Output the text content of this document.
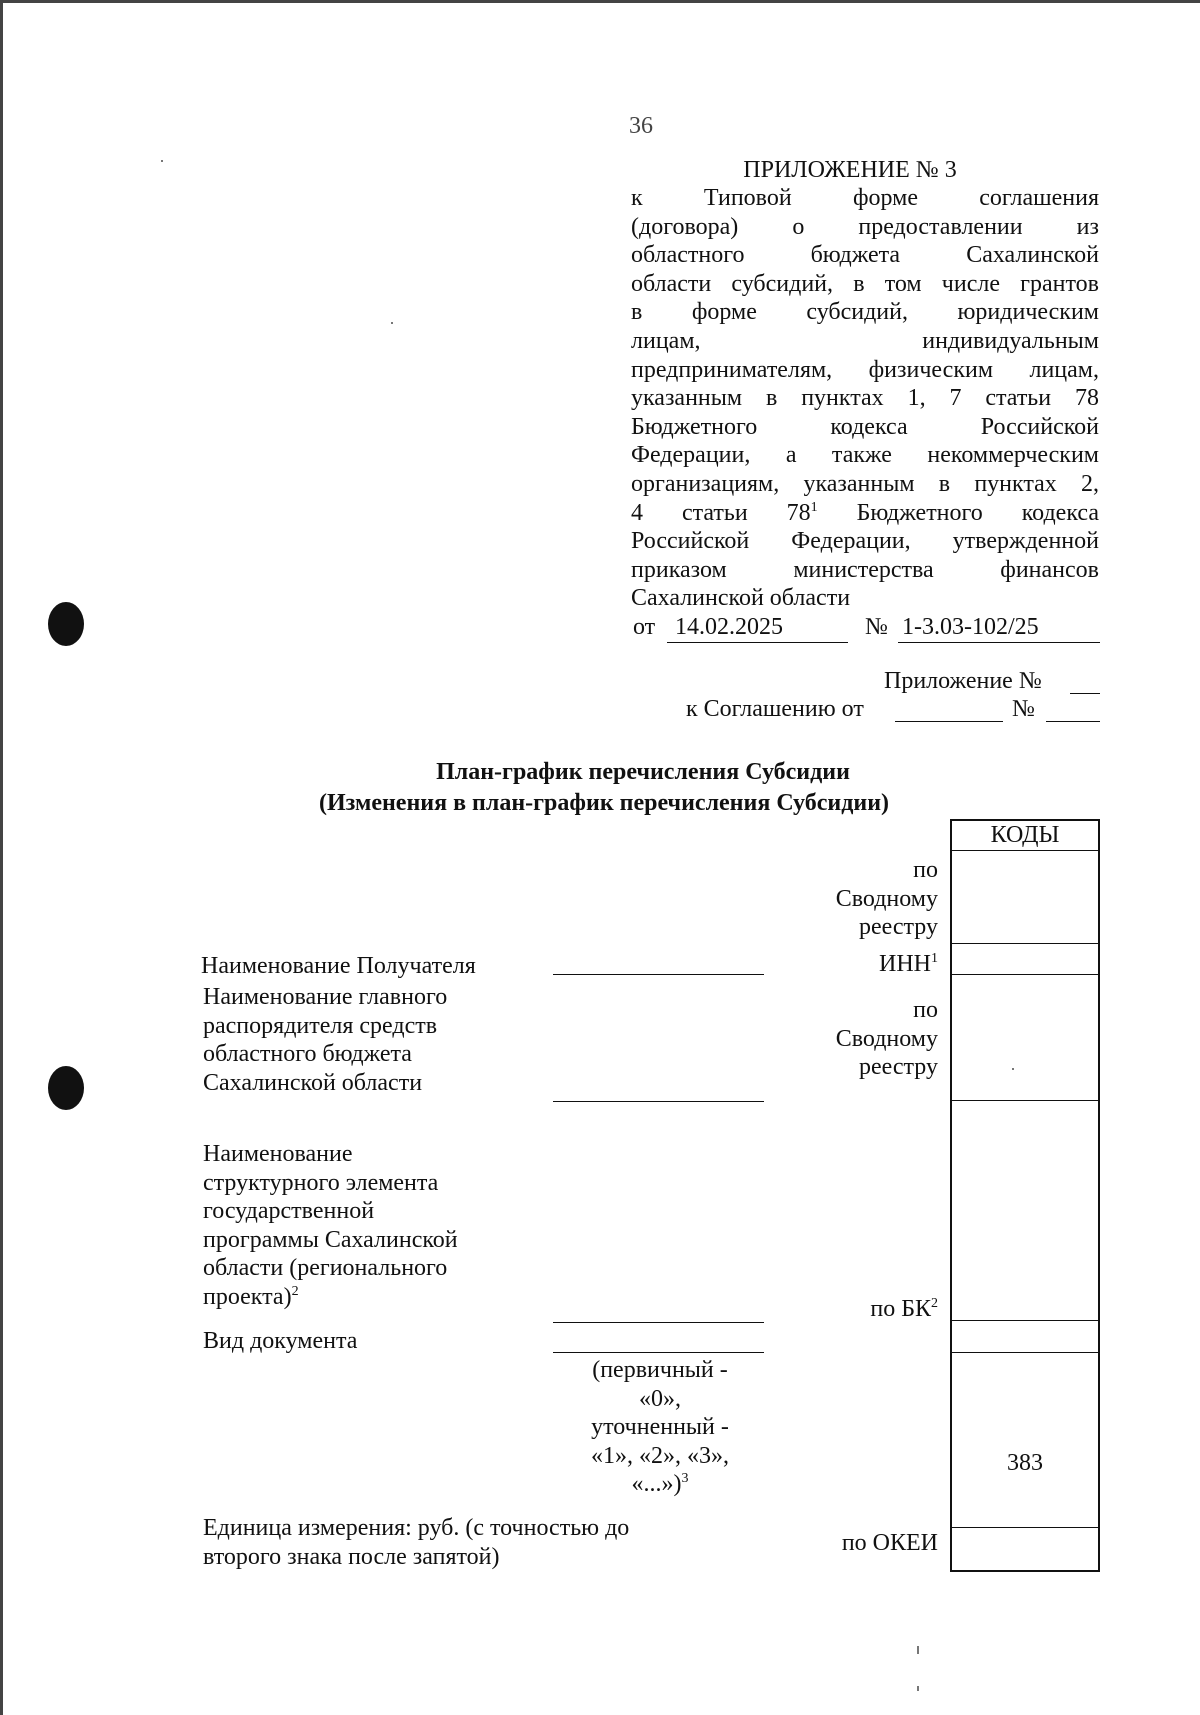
36
ПРИЛОЖЕНИЕ № 3
к Типовой форме соглашения
(договора) о предоставлении из
областного бюджета Сахалинской
области субсидий, в том числе грантов
в форме субсидий, юридическим
лицам, индивидуальным
предпринимателям, физическим лицам,
указанным в пунктах 1, 7 статьи 78
Бюджетного кодекса Российской
Федерации, а также некоммерческим
организациям, указанным в пунктах 2,
4 статьи $78^1$ Бюджетного кодекса
Российской Федерации, утвержденной
приказом министерства финансов
Сахалинской области
от 14.02.2025	№ 1-3.03-102/25
Приложение №
к Соглашению от	№
План-график перечисления Субсидии
(Изменения в план-график перечисления Субсидии)
КОДЫ
383
по
Сводному
реестру
ИНН$^1$
по
Сводному
реестру
по $БК^2$
по ОКЕИ
Наименование Получателя
Наименование главного
распорядителя средств
областного бюджета
Сахалинской области
Наименование
структурного элемента
государственной
программы Сахалинской
области (регионального
проекта)$^2$
Вид документа
(первичный -
«0»,
уточненный -
«1», «2», «3»,
«...»)$^3$
Единица измерения: руб. (с точностью до
второго знака после запятой)
